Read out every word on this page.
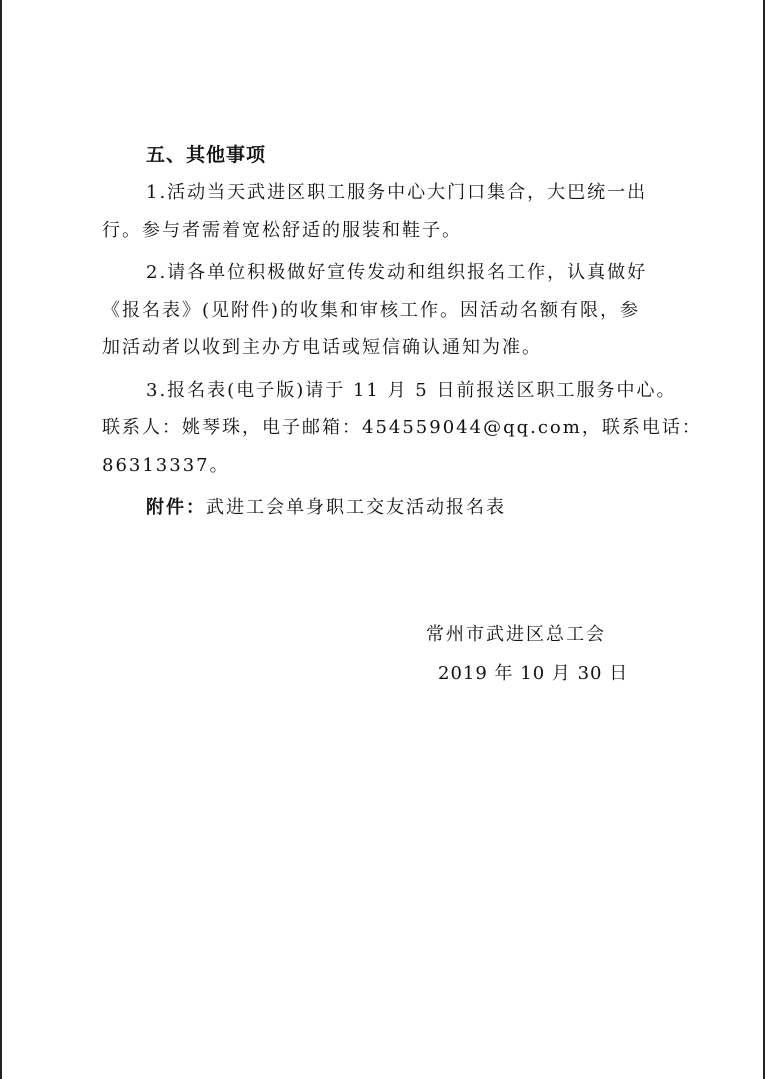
五、其他事项

1.活动当天武进区职工服务中心大门口集合，大巴统一出
行。参与者需着宽松舒适的服装和鞋子。

2.请各单位积极做好宣传发动和组织报名工作，认真做好
《报名表》(见附件)的收集和审核工作。因活动名额有限，参
加活动者以收到主办方电话或短信确认通知为准。

3.报名表(电子版)请于 11 月 5 日前报送区职工服务中心。
联系人：姚琴珠，电子邮箱：454559044@qq.com，联系电话：
86313337。

附件：武进工会单身职工交友活动报名表

常州市武进区总工会
2019 年 10 月 30 日
